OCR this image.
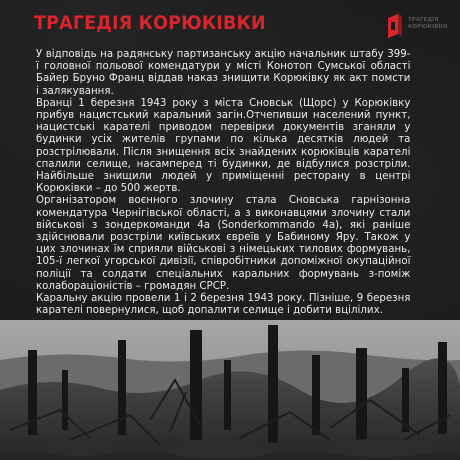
ТРАГЕДІЯ КОРЮКІВКИ	ТРАГЕДІЯ
КОРЮКІВКИ

У відповідь на радянську партизанську акцію начальник штабу 399-ї головної польової комендатури у місті Конотоп Сумської області Байер Бруно Франц віддав наказ знищити Корюківку як акт помсти і залякування.

Вранці 1 березня 1943 року з міста Сновськ (Щорс) у Корюківку прибув нацистський каральний загін.Отчепивши населений пункт, нацистські карателі приводом перевірки документів зганяли у будинки усіх жителів групами по кілька десятків людей та розстрілювали. Після знищення всіх знайдених корюківців карателі спалили селище, насамперед ті будинки, де відбулися розстріли. Найбільше знищили людей у приміщенні ресторану в центрі Корюківки – до 500 жертв.

Організатором воєнного злочину стала Сновська гарнізонна комендатура Чернігівської області, а з виконавцями злочину стали військові з зондеркоманди 4а (Sonderkommando 4a), які раніше здійснювали розстріли київських євреїв у Бабиному Яру. Також у цих злочинах їм сприяли військові з німецьких тилових формувань, 105-ї легкої угорської дивізії, співробітники допоміжної окупаційної поліції та солдати спеціальних каральних формувань з-поміж колабораціоністів – громадян СРСР.

Каральну акцію провели 1 і 2 березня 1943 року. Пізніше, 9 березня карателі повернулися, щоб допалити селище і добити вцілілих.
